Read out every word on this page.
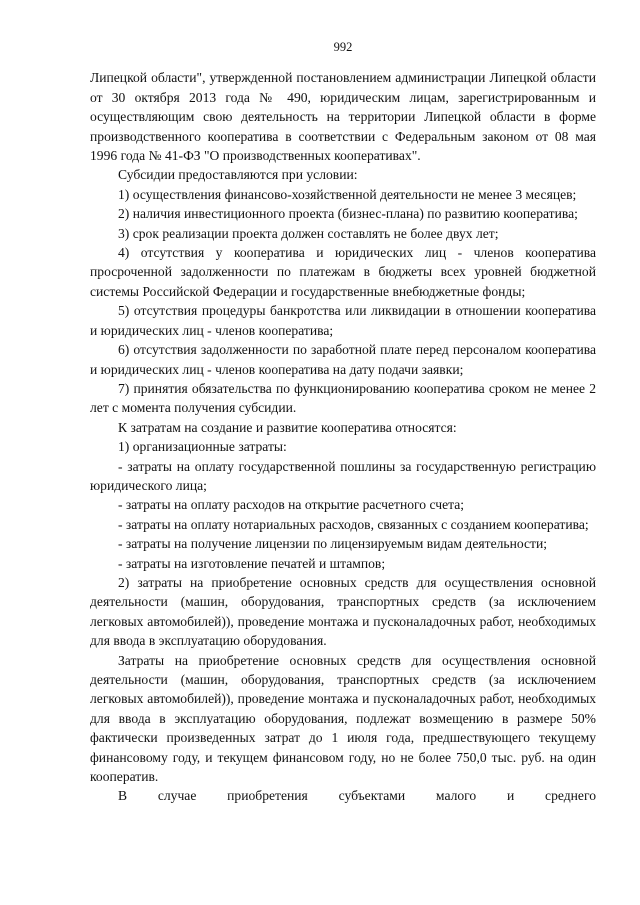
992

Липецкой области", утвержденной постановлением администрации Липецкой области от 30 октября 2013 года № 490, юридическим лицам, зарегистрированным и осуществляющим свою деятельность на территории Липецкой области в форме производственного кооператива в соответствии с Федеральным законом от 08 мая 1996 года № 41-ФЗ "О производственных кооперативах".

Субсидии предоставляются при условии:

1) осуществления финансово-хозяйственной деятельности не менее 3 месяцев;

2) наличия инвестиционного проекта (бизнес-плана) по развитию кооператива;

3) срок реализации проекта должен составлять не более двух лет;

4) отсутствия у кооператива и юридических лиц - членов кооператива просроченной задолженности по платежам в бюджеты всех уровней бюджетной системы Российской Федерации и государственные внебюджетные фонды;

5) отсутствия процедуры банкротства или ликвидации в отношении кооператива и юридических лиц - членов кооператива;

6) отсутствия задолженности по заработной плате перед персоналом кооператива и юридических лиц - членов кооператива на дату подачи заявки;

7) принятия обязательства по функционированию кооператива сроком не менее 2 лет с момента получения субсидии.

К затратам на создание и развитие кооператива относятся:

1) организационные затраты:

- затраты на оплату государственной пошлины за государственную регистрацию юридического лица;

- затраты на оплату расходов на открытие расчетного счета;

- затраты на оплату нотариальных расходов, связанных с созданием кооператива;

- затраты на получение лицензии по лицензируемым видам деятельности;

- затраты на изготовление печатей и штампов;

2) затраты на приобретение основных средств для осуществления основной деятельности (машин, оборудования, транспортных средств (за исключением легковых автомобилей)), проведение монтажа и пусконаладочных работ, необходимых для ввода в эксплуатацию оборудования.

Затраты на приобретение основных средств для осуществления основной деятельности (машин, оборудования, транспортных средств (за исключением легковых автомобилей)), проведение монтажа и пусконаладочных работ, необходимых для ввода в эксплуатацию оборудования, подлежат возмещению в размере 50% фактически произведенных затрат до 1 июля года, предшествующего текущему финансовому году, и текущем финансовом году, но не более 750,0 тыс. руб. на один кооператив.

В случае приобретения субъектами малого и среднего
